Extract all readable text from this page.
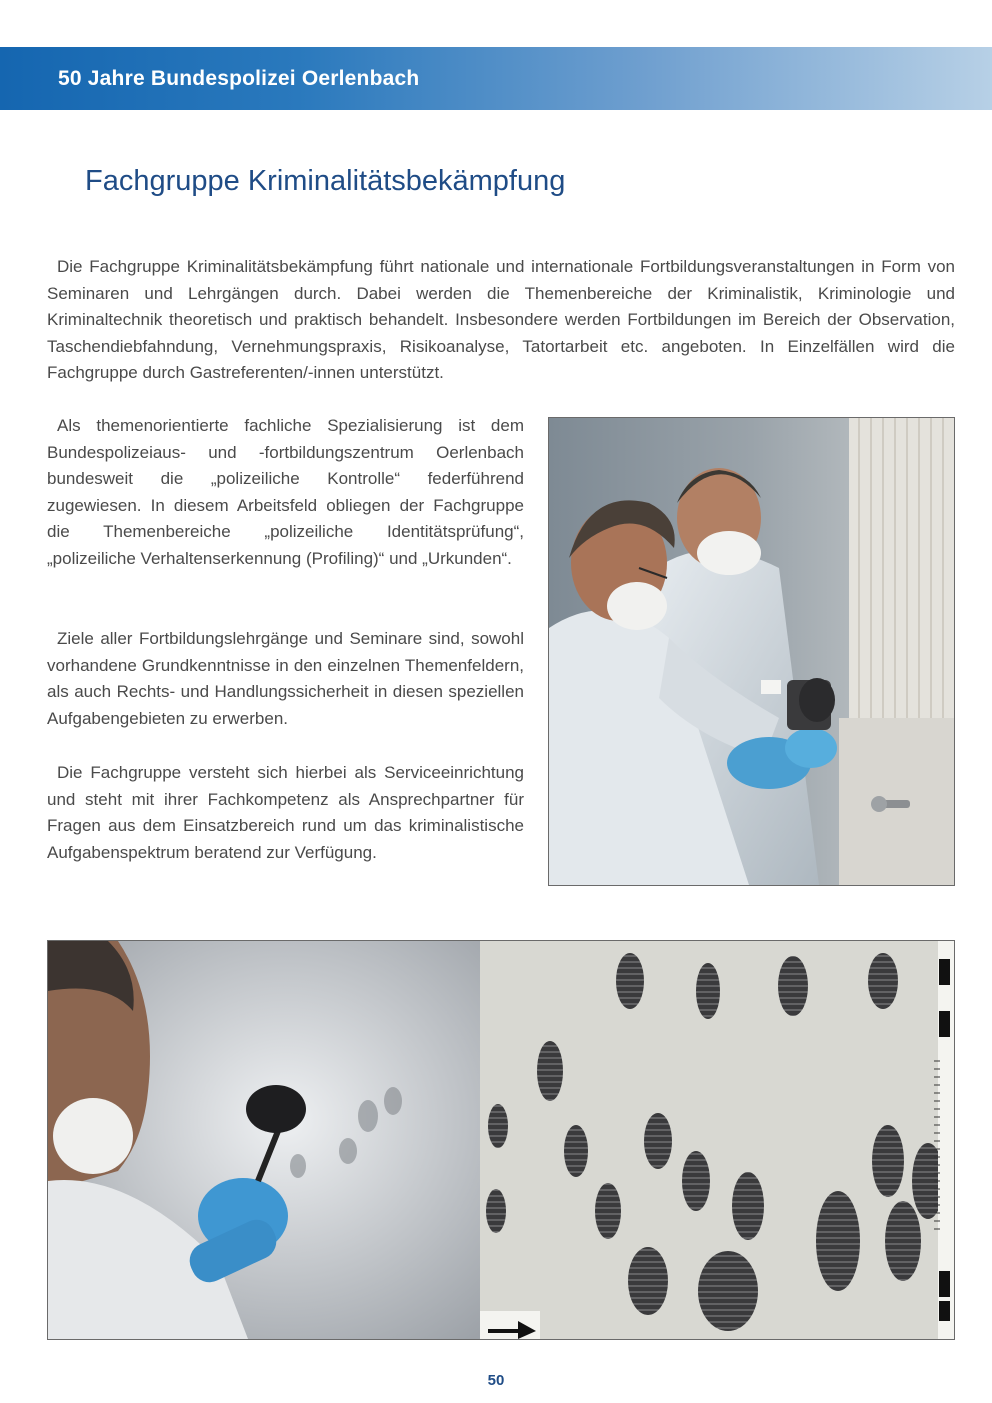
50 Jahre Bundespolizei Oerlenbach
Fachgruppe Kriminalitätsbekämpfung

Die Fachgruppe Kriminalitätsbekämpfung führt nationale und internationale Fortbildungsveranstaltungen in Form von Seminaren und Lehrgängen durch. Dabei werden die Themenbereiche der Kriminalistik, Kriminologie und Kriminaltechnik theoretisch und praktisch behandelt. Insbesondere werden Fortbildungen im Bereich der Observation, Taschendiebfahndung, Vernehmungspraxis, Risikoanalyse, Tatortarbeit etc. angeboten. In Einzelfällen wird die Fachgruppe durch Gastreferenten/-innen unterstützt.

Als themenorientierte fachliche Spezialisierung ist dem Bundespolizeiaus- und -fortbildungszentrum Oerlenbach bundesweit die „polizeiliche Kontrolle“ federführend zugewiesen. In diesem Arbeitsfeld obliegen der Fachgruppe die Themenbereiche „polizeiliche Identitätsprüfung“, „polizeiliche Verhaltenserkennung (Profiling)“ und „Urkunden“.

Ziele aller Fortbildungslehrgänge und Seminare sind, sowohl vorhandene Grundkenntnisse in den einzelnen Themenfeldern, als auch Rechts- und Handlungssicherheit in diesen speziellen Aufgabengebieten zu erwerben.

Die Fachgruppe versteht sich hierbei als Serviceeinrichtung und steht mit ihrer Fachkompetenz als Ansprechpartner für Fragen aus dem Einsatzbereich rund um das kriminalistische Aufgabenspektrum beratend zur Verfügung.

50
